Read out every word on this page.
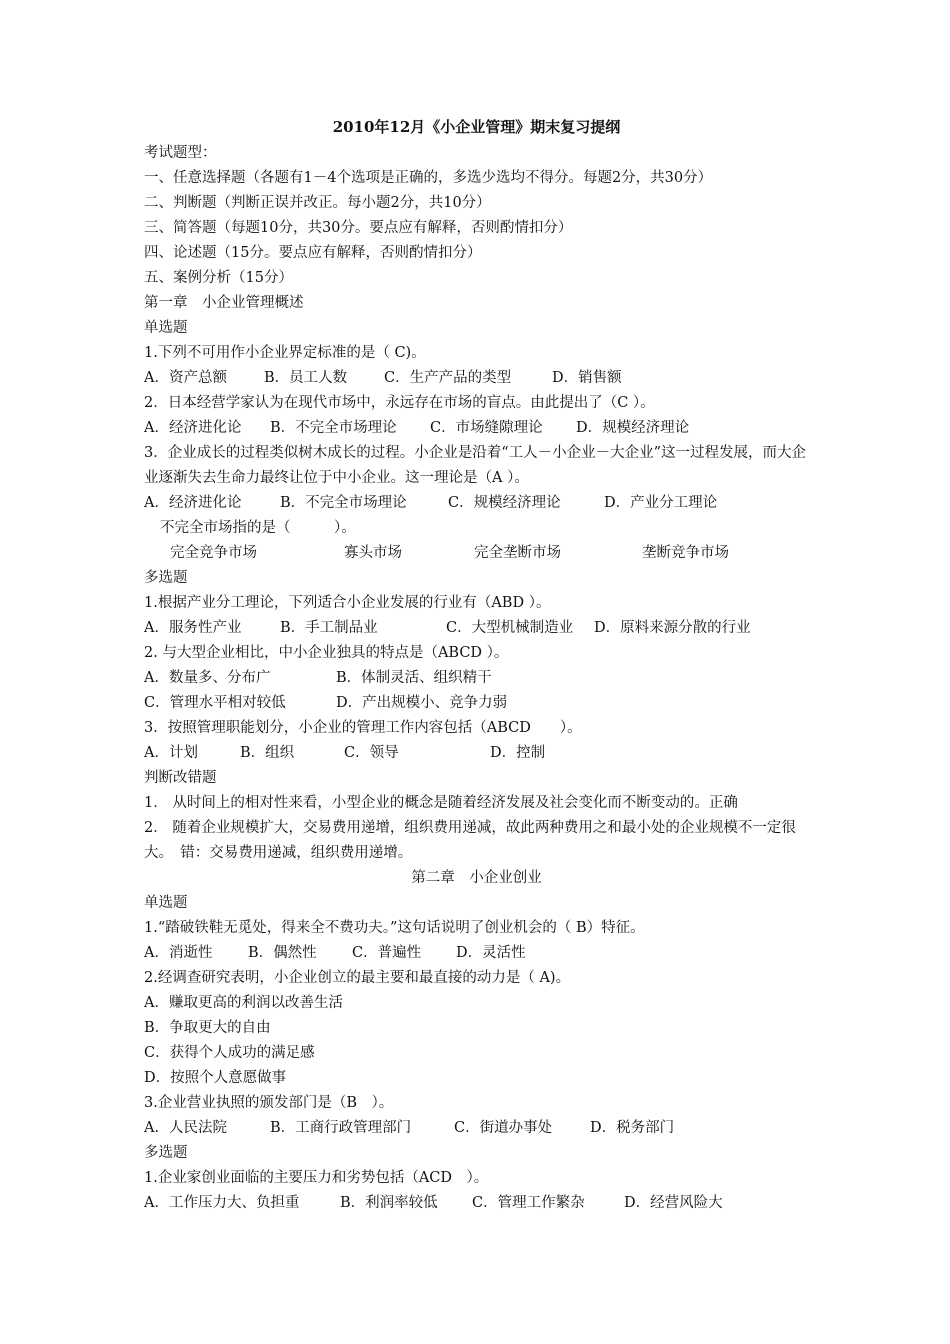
2010年12月《小企业管理》期末复习提纲
考试题型：
一、任意选择题（各题有1－4个选项是正确的，多选少选均不得分。每题2分，共30分）
二、判断题（判断正误并改正。每小题2分，共10分）
三、简答题（每题10分，共30分。要点应有解释，否则酌情扣分）
四、论述题（15分。要点应有解释，否则酌情扣分）
五、案例分析（15分）
第一章　小企业管理概述
单选题
1.下列不可用作小企业界定标准的是（ C)。
A．资产总额	B．员工人数	C．生产产品的类型	D．销售额
2．日本经营学家认为在现代市场中，永远存在市场的盲点。由此提出了（C ）。
A．经济进化论 B．不完全市场理论 C．市场缝隙理论 D．规模经济理论
3．企业成长的过程类似树木成长的过程。小企业是沿着“工人－小企业－大企业”这一过程发展，而大企业逐渐失去生命力最终让位于中小企业。这一理论是（A ）。
A．经济进化论	B．不完全市场理论	C．规模经济理论	D．产业分工理论
不完全市场指的是（　　　）。
完全竞争市场	寡头市场	完全垄断市场	垄断竞争市场
多选题
1.根据产业分工理论，下列适合小企业发展的行业有（ABD ）。
A．服务性产业	B．手工制品业	C．大型机械制造业 D．原料来源分散的行业
2. 与大型企业相比，中小企业独具的特点是（ABCD ）。
A．数量多、分布广	B．体制灵活、组织精干
C．管理水平相对较低	D．产出规模小、竞争力弱
3．按照管理职能划分，小企业的管理工作内容包括（ABCD　　）。
A．计划	B．组织	C．领导	D．控制
判断改错题
1． 从时间上的相对性来看，小型企业的概念是随着经济发展及社会变化而不断变动的。正确
2． 随着企业规模扩大，交易费用递增，组织费用递减，故此两种费用之和最小处的企业规模不一定很大。　错：交易费用递减，组织费用递增。
第二章　小企业创业
单选题
1.“踏破铁鞋无觅处，得来全不费功夫。”这句话说明了创业机会的（ B）特征。
A．消逝性 B．偶然性 C．普遍性 D．灵活性
2.经调查研究表明，小企业创立的最主要和最直接的动力是（ A)。
A．赚取更高的利润以改善生活
B．争取更大的自由
C．获得个人成功的满足感
D．按照个人意愿做事
3.企业营业执照的颁发部门是（B　）。
A．人民法院	B．工商行政管理部门	C．街道办事处	D．税务部门
多选题
1.企业家创业面临的主要压力和劣势包括（ACD　）。
A．工作压力大、负担重	B．利润率较低 C．管理工作繁杂	D．经营风险大
